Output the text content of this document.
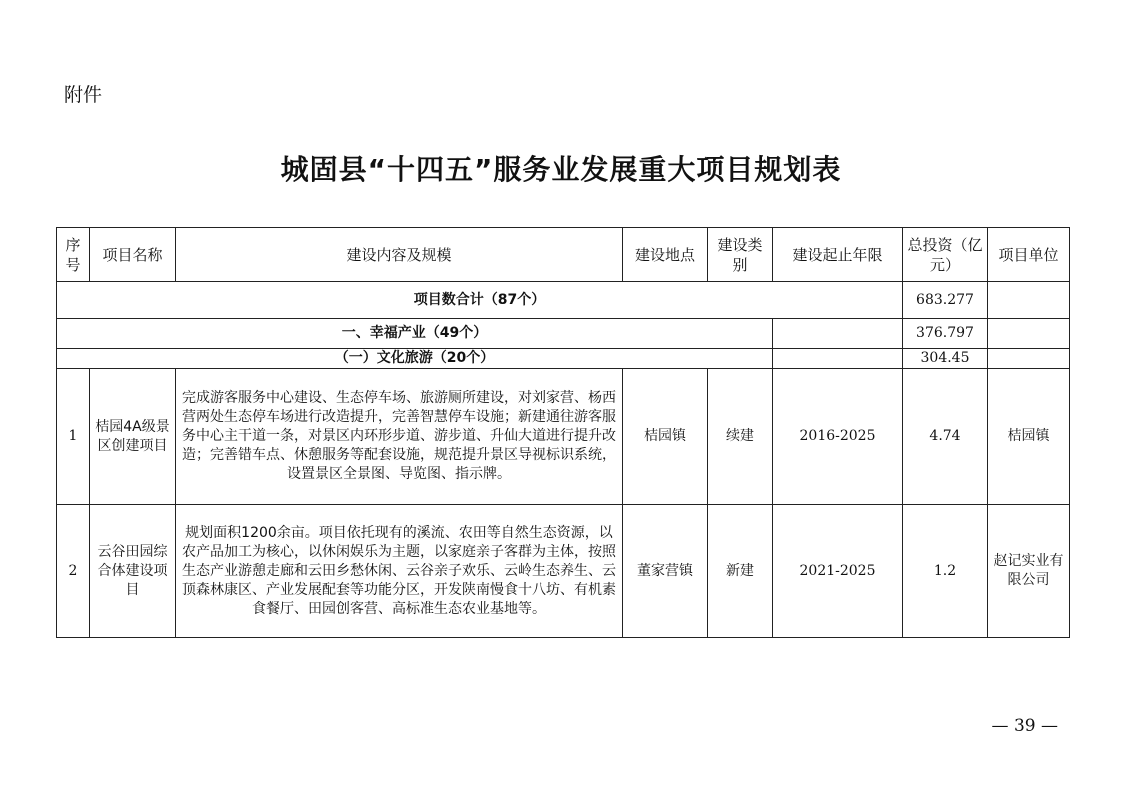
附件
城固县“十四五”服务业发展重大项目规划表
序号	项目名称	建设内容及规模	建设地点	建设类别	建设起止年限	总投资（亿元）	项目单位
项目数合计（87个）						683.277	
一、幸福产业（49个）						376.797	
（一）文化旅游（20个）						304.45	
1	桔园4A级景区创建项目	完成游客服务中心建设、生态停车场、旅游厕所建设，对刘家营、杨西营两处生态停车场进行改造提升，完善智慧停车设施；新建通往游客服务中心主干道一条，对景区内环形步道、游步道、升仙大道进行提升改造；完善错车点、休憩服务等配套设施，规范提升景区导视标识系统，设置景区全景图、导览图、指示牌。	桔园镇	续建	2016-2025	4.74	桔园镇
2	云谷田园综合体建设项目	规划面积1200余亩。项目依托现有的溪流、农田等自然生态资源，以农产品加工为核心，以休闲娱乐为主题，以家庭亲子客群为主体，按照生态产业游憩走廊和云田乡愁休闲、云谷亲子欢乐、云岭生态养生、云顶森林康区、产业发展配套等功能分区，开发陕南慢食十八坊、有机素食餐厅、田园创客营、高标准生态农业基地等。	董家营镇	新建	2021-2025	1.2	赵记实业有限公司
— 39 —
